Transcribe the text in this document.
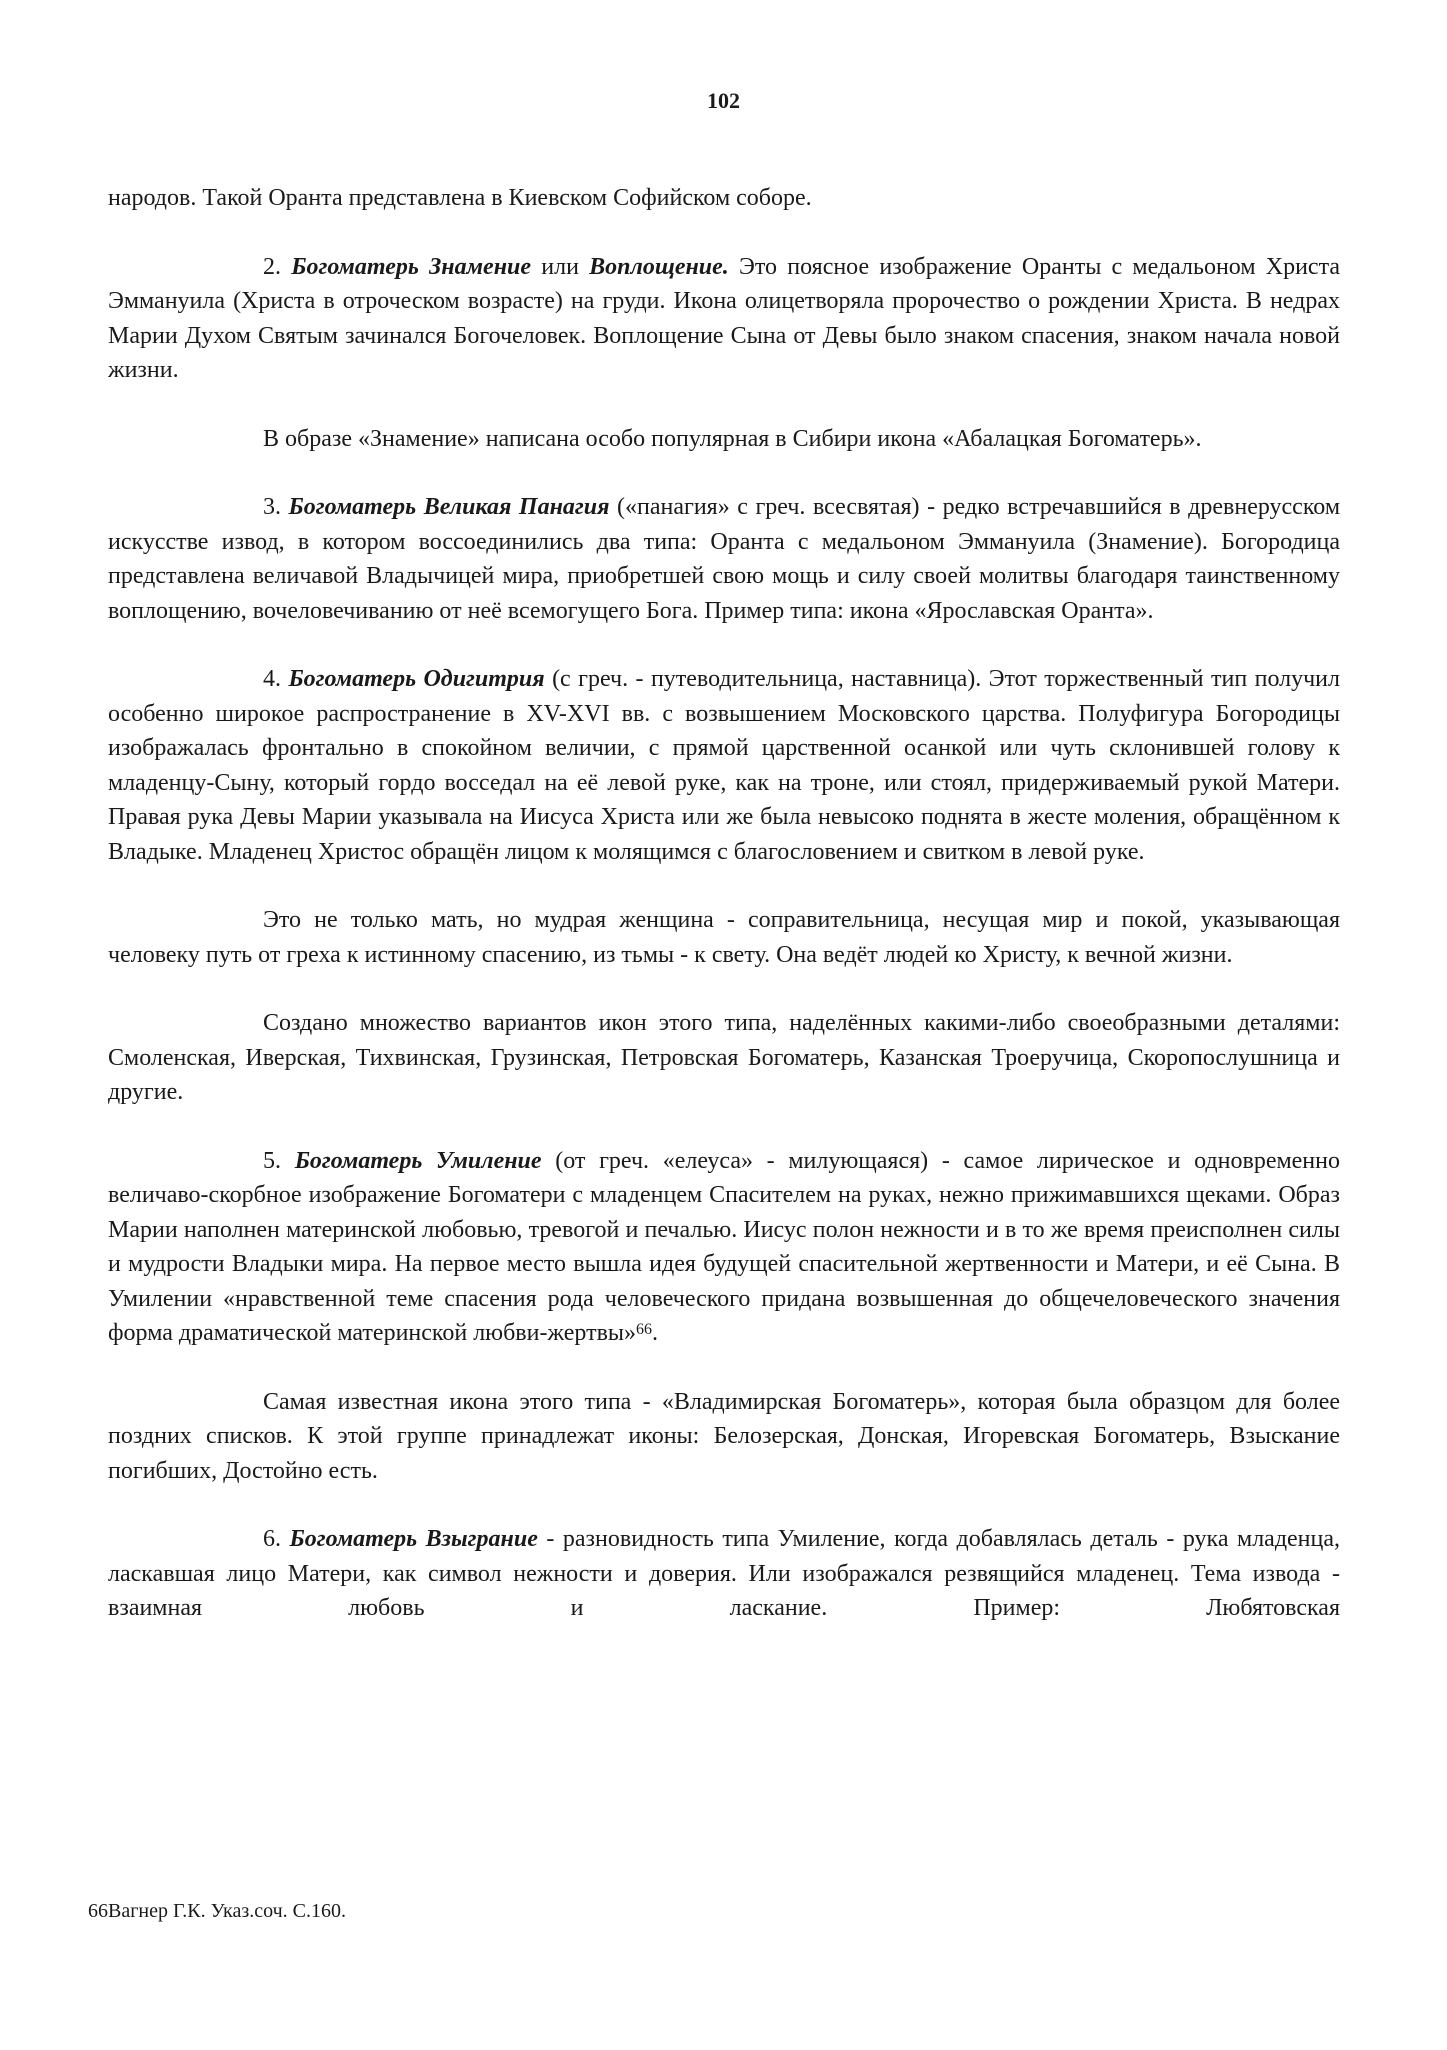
102

народов. Такой Оранта представлена в Киевском Софийском соборе.

2. Богоматерь Знамение или Воплощение. Это поясное изображение Оранты с медальоном Христа Эммануила (Христа в отроческом возрасте) на груди. Икона олицетворяла пророчество о рождении Христа. В недрах Марии Духом Святым зачинался Богочеловек. Воплощение Сына от Девы было знаком спасения, знаком начала новой жизни.

В образе «Знамение» написана особо популярная в Сибири икона «Абалацкая Богоматерь».

3. Богоматерь Великая Панагия («панагия» с греч. всесвятая) - редко встречавшийся в древнерусском искусстве извод, в котором воссоединились два типа: Оранта с медальоном Эммануила (Знамение). Богородица представлена величавой Владычицей мира, приобретшей свою мощь и силу своей молитвы благодаря таинственному воплощению, вочеловечиванию от неё всемогущего Бога. Пример типа: икона «Ярославская Оранта».

4. Богоматерь Одигитрия (с греч. - путеводительница, наставница). Этот торжественный тип получил особенно широкое распространение в XV-XVI вв. с возвышением Московского царства. Полуфигура Богородицы изображалась фронтально в спокойном величии, с прямой царственной осанкой или чуть склонившей голову к младенцу-Сыну, который гордо восседал на её левой руке, как на троне, или стоял, придерживаемый рукой Матери. Правая рука Девы Марии указывала на Иисуса Христа или же была невысоко поднята в жесте моления, обращённом к Владыке. Младенец Христос обращён лицом к молящимся с благословением и свитком в левой руке.

Это не только мать, но мудрая женщина - соправительница, несущая мир и покой, указывающая человеку путь от греха к истинному спасению, из тьмы - к свету. Она ведёт людей ко Христу, к вечной жизни.

Создано множество вариантов икон этого типа, наделённых какими-либо своеобразными деталями: Смоленская, Иверская, Тихвинская, Грузинская, Петровская Богоматерь, Казанская Троеручица, Скоропослушница и другие.

5. Богоматерь Умиление (от греч. «елеуса» - милующаяся) - самое лирическое и одновременно величаво-скорбное изображение Богоматери с младенцем Спасителем на руках, нежно прижимавшихся щеками. Образ Марии наполнен материнской любовью, тревогой и печалью. Иисус полон нежности и в то же время преисполнен силы и мудрости Владыки мира. На первое место вышла идея будущей спасительной жертвенности и Матери, и её Сына. В Умилении «нравственной теме спасения рода человеческого придана возвышенная до общечеловеческого значения форма драматической материнской любви-жертвы»$^{66}$.

Самая известная икона этого типа - «Владимирская Богоматерь», которая была образцом для более поздних списков. К этой группе принадлежат иконы: Белозерская, Донская, Игоревская Богоматерь, Взыскание погибших, Достойно есть.

6. Богоматерь Взыграние - разновидность типа Умиление, когда добавлялась деталь - рука младенца, ласкавшая лицо Матери, как символ нежности и доверия. Или изображался резвящийся младенец. Тема извода - взаимная любовь и ласкание. Пример: Любятовская

66Вагнер Г.К. Указ.соч. С.160.
